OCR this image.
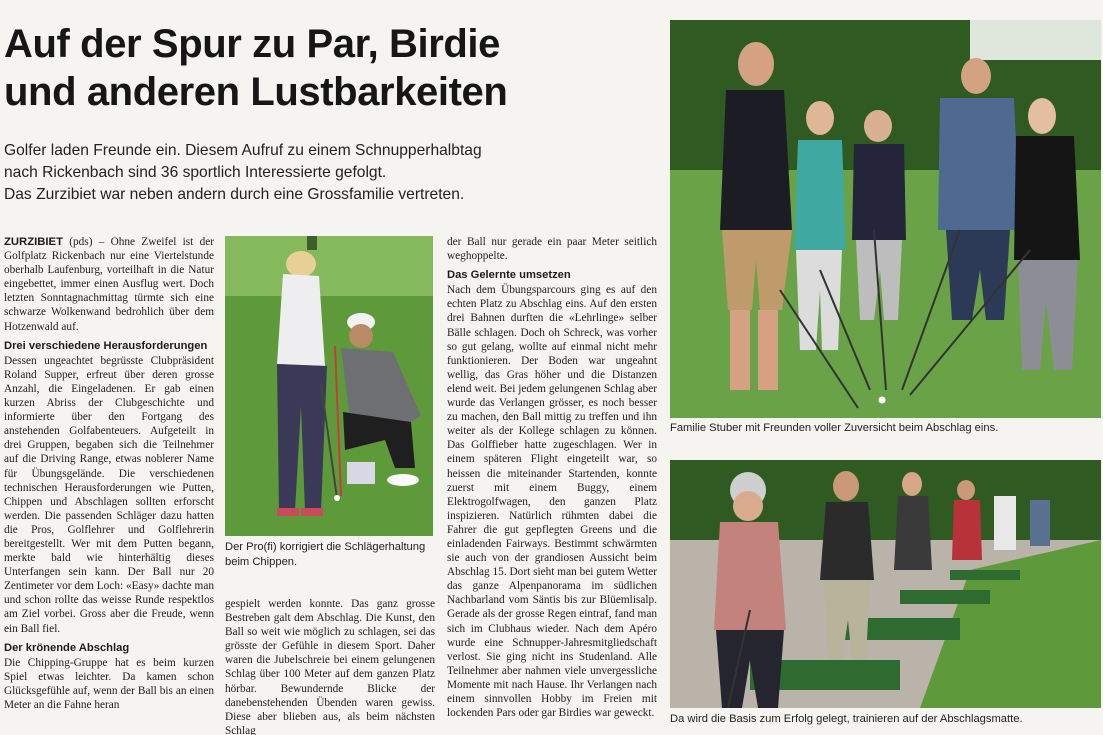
Auf der Spur zu Par, Birdie
und anderen Lustbarkeiten
Golfer laden Freunde ein. Diesem Aufruf zu einem Schnupperhalbtag
nach Rickenbach sind 36 sportlich Interessierte gefolgt.
Das Zurzibiet war neben andern durch eine Grossfamilie vertreten.

ZURZIBIET (pds) – Ohne Zweifel ist der Golfplatz Rickenbach nur eine Viertelstunde oberhalb Laufenburg, vorteilhaft in die Natur eingebettet, immer einen Ausflug wert. Doch letzten Sonntagnachmittag türmte sich eine schwarze Wolkenwand bedrohlich über dem Hotzenwald auf.

Drei verschiedene Herausforderungen

Dessen ungeachtet begrüsste Clubpräsident Roland Supper, erfreut über deren grosse Anzahl, die Eingeladenen. Er gab einen kurzen Abriss der Clubgeschichte und informierte über den Fortgang des anstehenden Golfabenteuers. Aufgeteilt in drei Gruppen, begaben sich die Teilnehmer auf die Driving Range, etwas noblerer Name für Übungsgelände. Die verschiedenen technischen Herausforderungen wie Putten, Chippen und Abschlagen sollten erforscht werden. Die passenden Schläger dazu hatten die Pros, Golflehrer und Golflehrerin bereitgestellt. Wer mit dem Putten begann, merkte bald wie hinterhältig dieses Unterfangen sein kann. Der Ball nur 20 Zentimeter vor dem Loch: «Easy» dachte man und schon rollte das weisse Runde respektlos am Ziel vorbei. Gross aber die Freude, wenn ein Ball fiel.

Der krönende Abschlag

Die Chipping-Gruppe hat es beim kurzen Spiel etwas leichter. Da kamen schon Glücksgefühle auf, wenn der Ball bis an einen Meter an die Fahne heran

Der Pro(fi) korrigiert die Schlägerhaltung beim Chippen.

gespielt werden konnte. Das ganz grosse Bestreben galt dem Abschlag. Die Kunst, den Ball so weit wie möglich zu schlagen, sei das grösste der Gefühle in diesem Sport. Daher waren die Jubelschreie bei einem gelungenen Schlag über 100 Meter auf dem ganzen Platz hörbar. Bewundernde Blicke der danebenstehenden Übenden waren gewiss. Diese aber blieben aus, als beim nächsten Schlag

der Ball nur gerade ein paar Meter seitlich weghoppelte.

Das Gelernte umsetzen

Nach dem Übungsparcours ging es auf den echten Platz zu Abschlag eins. Auf den ersten drei Bahnen durften die «Lehrlinge» selber Bälle schlagen. Doch oh Schreck, was vorher so gut gelang, wollte auf einmal nicht mehr funktionieren. Der Boden war ungeahnt wellig, das Gras höher und die Distanzen elend weit. Bei jedem gelungenen Schlag aber wurde das Verlangen grösser, es noch besser zu machen, den Ball mittig zu treffen und ihn weiter als der Kollege schlagen zu können. Das Golffieber hatte zugeschlagen. Wer in einem späteren Flight eingeteilt war, so heissen die miteinander Startenden, konnte zuerst mit einem Buggy, einem Elektrogolfwagen, den ganzen Platz inspizieren. Natürlich rühmten dabei die Fahrer die gut gepflegten Greens und die einladenden Fairways. Bestimmt schwärmten sie auch von der grandiosen Aussicht beim Abschlag 15. Dort sieht man bei gutem Wetter das ganze Alpenpanorama im südlichen Nachbarland vom Säntis bis zur Blüemlisalp. Gerade als der grosse Regen eintraf, fand man sich im Clubhaus wieder. Nach dem Apéro wurde eine Schnupper-Jahresmitgliedschaft verlost. Sie ging nicht ins Studenland. Alle Teilnehmer aber nahmen viele unvergessliche Momente mit nach Hause. Ihr Verlangen nach einem sinnvollen Hobby im Freien mit lockenden Pars oder gar Birdies war geweckt.

Familie Stuber mit Freunden voller Zuversicht beim Abschlag eins.
Da wird die Basis zum Erfolg gelegt, trainieren auf der Abschlagsmatte.
